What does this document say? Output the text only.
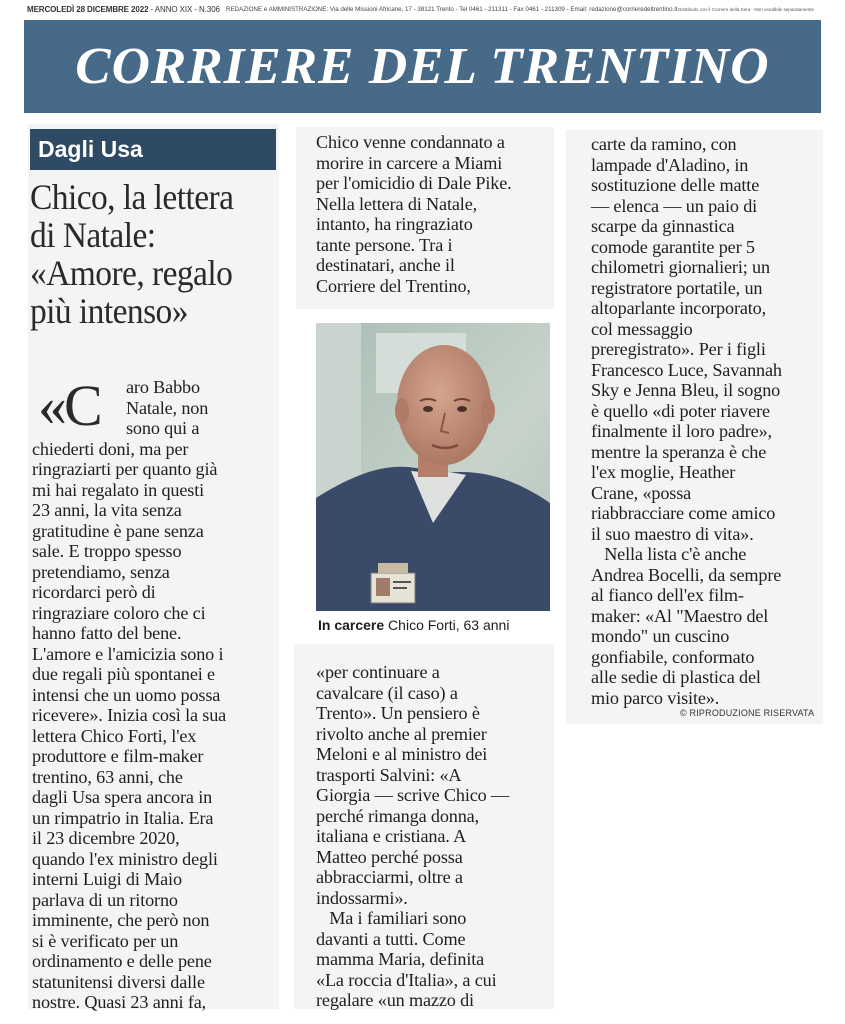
MERCOLEDÌ 28 DICEMBRE 2022 - ANNO XIX - N.306 REDAZIONE e AMMINISTRAZIONE: Via delle Missioni Africane, 17 - 38121 Trento - Tel 0461 - 211311 - Fax 0461 - 211309 - Email: redazione@corrieredeltrentino.it Distribuito con il Corriere della Sera - Non vendibile separatamente
CORRIERE DEL TRENTINO
Dagli Usa
Chico, la lettera
di Natale:
«Amore, regalo
più intenso»
«C aro Babbo
Natale, non
sono qui a
chiederti doni, ma per
ringraziarti per quanto già
mi hai regalato in questi
23 anni, la vita senza
gratitudine è pane senza
sale. E troppo spesso
pretendiamo, senza
ricordarci però di
ringraziare coloro che ci
hanno fatto del bene.
L'amore e l'amicizia sono i
due regali più spontanei e
intensi che un uomo possa
ricevere». Inizia così la sua
lettera Chico Forti, l'ex
produttore e film-maker
trentino, 63 anni, che
dagli Usa spera ancora in
un rimpatrio in Italia. Era
il 23 dicembre 2020,
quando l'ex ministro degli
interni Luigi di Maio
parlava di un ritorno
imminente, che però non
si è verificato per un
ordinamento e delle pene
statunitensi diversi dalle
nostre. Quasi 23 anni fa,
Chico venne condannato a
morire in carcere a Miami
per l'omicidio di Dale Pike.
Nella lettera di Natale,
intanto, ha ringraziato
tante persone. Tra i
destinatari, anche il
Corriere del Trentino,
In carcere Chico Forti, 63 anni
«per continuare a
cavalcare (il caso) a
Trento». Un pensiero è
rivolto anche al premier
Meloni e al ministro dei
trasporti Salvini: «A
Giorgia — scrive Chico —
perché rimanga donna,
italiana e cristiana. A
Matteo perché possa
abbracciarmi, oltre a
indossarmi».
Ma i familiari sono
davanti a tutti. Come
mamma Maria, definita
«La roccia d'Italia», a cui
regalare «un mazzo di
carte da ramino, con
lampade d'Aladino, in
sostituzione delle matte
— elenca — un paio di
scarpe da ginnastica
comode garantite per 5
chilometri giornalieri; un
registratore portatile, un
altoparlante incorporato,
col messaggio
preregistrato». Per i figli
Francesco Luce, Savannah
Sky e Jenna Bleu, il sogno
è quello «di poter riavere
finalmente il loro padre»,
mentre la speranza è che
l'ex moglie, Heather
Crane, «possa
riabbracciare come amico
il suo maestro di vita».
Nella lista c'è anche
Andrea Bocelli, da sempre
al fianco dell'ex film-
maker: «Al "Maestro del
mondo" un cuscino
gonfiabile, conformato
alle sedie di plastica del
mio parco visite».
© RIPRODUZIONE RISERVATA
